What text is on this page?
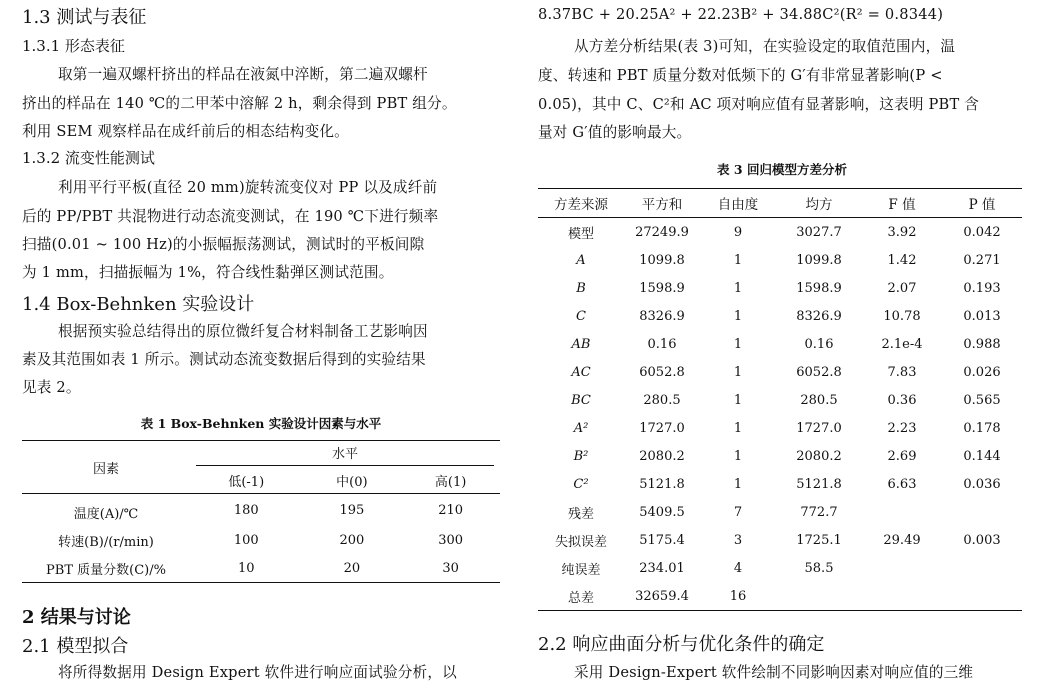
1.3 测试与表征
1.3.1 形态表征
取第一遍双螺杆挤出的样品在液氮中淬断，第二遍双螺杆
挤出的样品在 140 ℃的二甲苯中溶解 2 h，剩余得到 PBT 组分。
利用 SEM 观察样品在成纤前后的相态结构变化。
1.3.2 流变性能测试
利用平行平板(直径 20 mm)旋转流变仪对 PP 以及成纤前
后的 PP/PBT 共混物进行动态流变测试，在 190 ℃下进行频率
扫描(0.01 ~ 100 Hz)的小振幅振荡测试，测试时的平板间隙
为 1 mm，扫描振幅为 1%，符合线性黏弹区测试范围。
1.4 Box-Behnken 实验设计
根据预实验总结得出的原位微纤复合材料制备工艺影响因
素及其范围如表 1 所示。测试动态流变数据后得到的实验结果
见表 2。
表 1 Box-Behnken 实验设计因素与水平
因素	水平		

	低(-1)	中(0)	高(1)
温度(A)/℃	180	195	210
转速(B)/(r/min)	100	200	300
PBT 质量分数(C)/%	10	20	30
2 结果与讨论
2.1 模型拟合
将所得数据用 Design Expert 软件进行响应面试验分析，以
8.37BC + 20.25A² + 22.23B² + 34.88C²(R² = 0.8344)
从方差分析结果(表 3)可知，在实验设定的取值范围内，温
度、转速和 PBT 质量分数对低频下的 G′有非常显著影响(P <
0.05)，其中 C、C²和 AC 项对响应值有显著影响，这表明 PBT 含
量对 G′值的影响最大。
表 3 回归模型方差分析
方差来源	平方和	自由度	均方	F 值	P 值
模型	27249.9	9	3027.7	3.92	0.042
A	1099.8	1	1099.8	1.42	0.271
B	1598.9	1	1598.9	2.07	0.193
C	8326.9	1	8326.9	10.78	0.013
AB	0.16	1	0.16	2.1e-4	0.988
AC	6052.8	1	6052.8	7.83	0.026
BC	280.5	1	280.5	0.36	0.565
A²	1727.0	1	1727.0	2.23	0.178
B²	2080.2	1	2080.2	2.69	0.144
C²	5121.8	1	5121.8	6.63	0.036
残差	5409.5	7	772.7		
失拟误差	5175.4	3	1725.1	29.49	0.003
纯误差	234.01	4	58.5		
总差	32659.4	16			
2.2 响应曲面分析与优化条件的确定
采用 Design-Expert 软件绘制不同影响因素对响应值的三维
